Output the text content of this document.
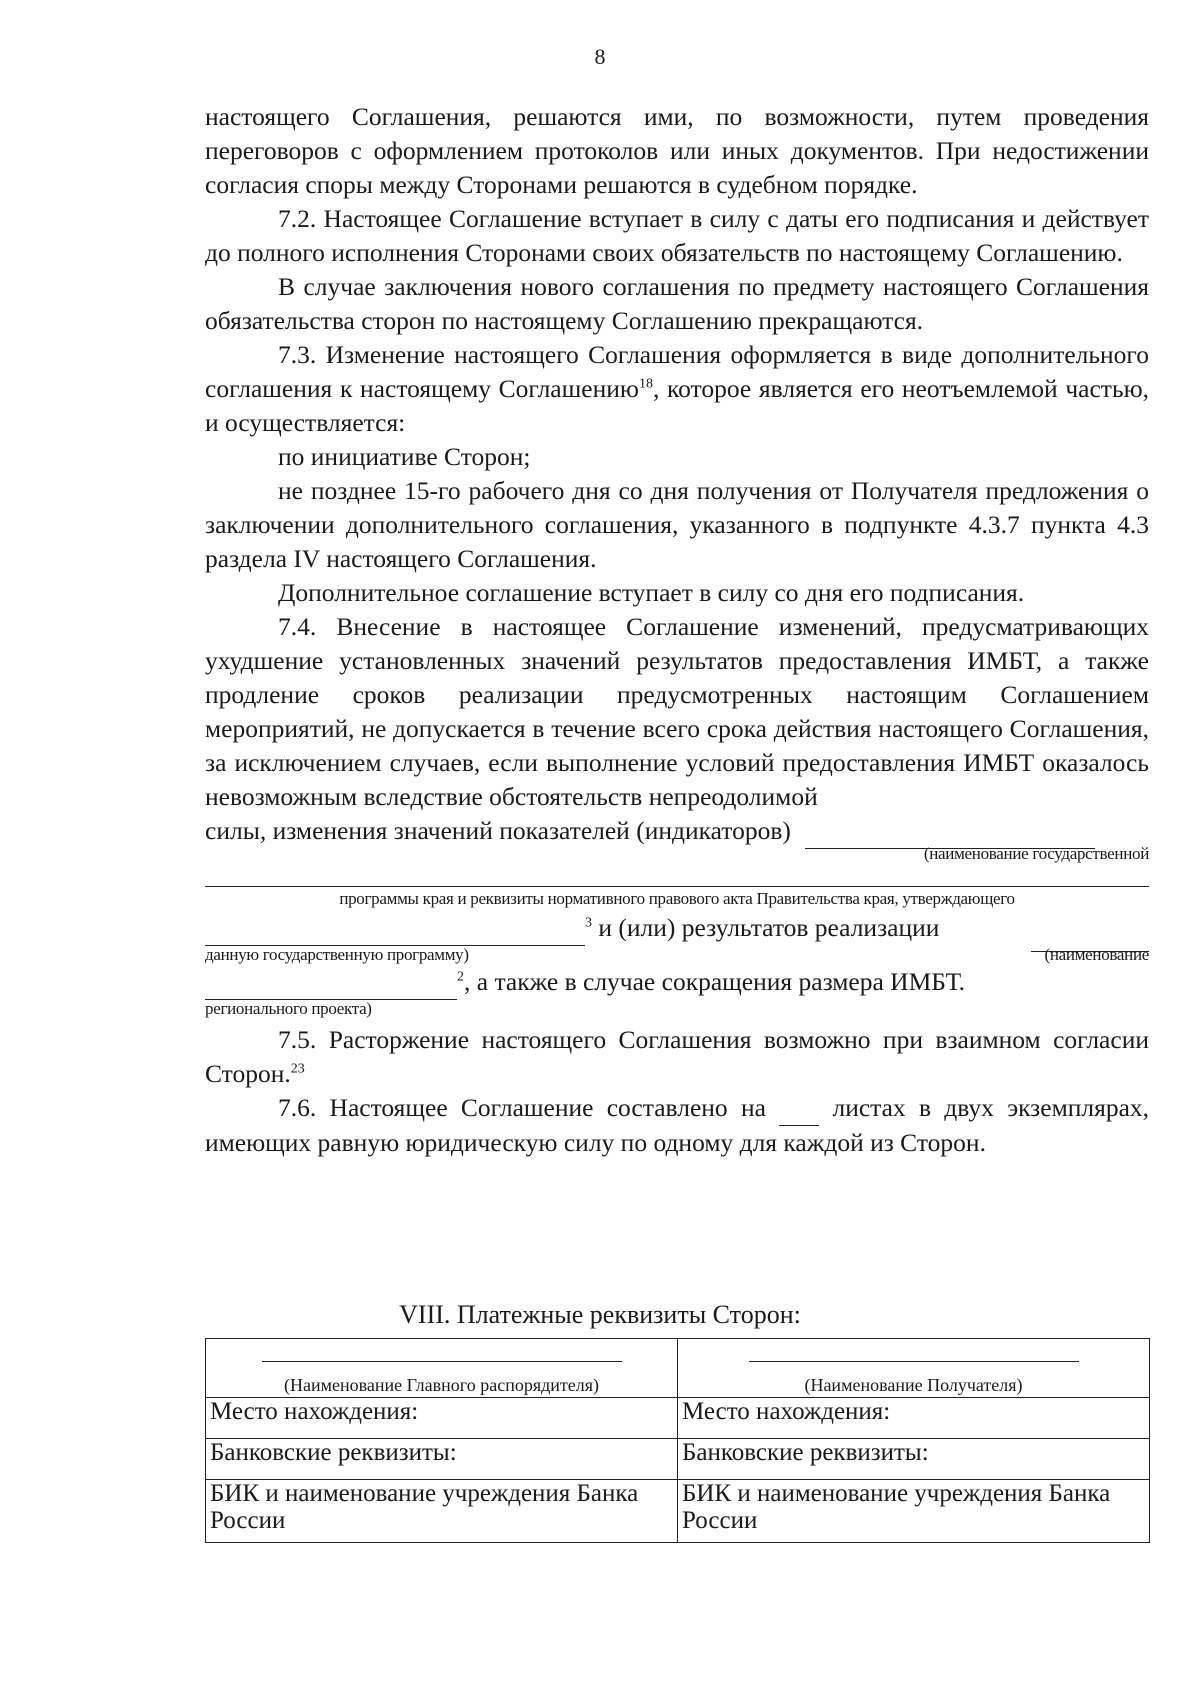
8

настоящего Соглашения, решаются ими, по возможности, путем проведения переговоров с оформлением протоколов или иных документов. При недостижении согласия споры между Сторонами решаются в судебном порядке.

7.2. Настоящее Соглашение вступает в силу с даты его подписания и действует до полного исполнения Сторонами своих обязательств по настоящему Соглашению.

В случае заключения нового соглашения по предмету настоящего Соглашения обязательства сторон по настоящему Соглашению прекращаются.

7.3. Изменение настоящего Соглашения оформляется в виде дополнительного соглашения к настоящему Соглашению$^{18}$, которое является его неотъемлемой частью, и осуществляется:

по инициативе Сторон;

не позднее 15-го рабочего дня со дня получения от Получателя предложения о заключении дополнительного соглашения, указанного в подпункте 4.3.7 пункта 4.3 раздела IV настоящего Соглашения.

Дополнительное соглашение вступает в силу со дня его подписания.

7.4. Внесение в настоящее Соглашение изменений, предусматривающих ухудшение установленных значений результатов предоставления ИМБТ, а также продление сроков реализации предусмотренных настоящим Соглашением мероприятий, не допускается в течение всего срока действия настоящего Соглашения, за исключением случаев, если выполнение условий предоставления ИМБТ оказалось невозможным вследствие обстоятельств непреодолимой

силы, изменения значений показателей (индикаторов)
(наименование государственной
программы края и реквизиты нормативного правового акта Правительства края, утверждающего
$^3$ и (или) результатов реализации

данную государственную программу)	(наименование
$^2$, а также в случае сокращения размера ИМБТ.
регионального проекта)

7.5. Расторжение настоящего Соглашения возможно при взаимном согласии Сторон.$^{23}$

7.6. Настоящее Соглашение составлено на	листах в двух экземплярах, имеющих равную юридическую силу по одному для каждой из Сторон.

VIII. Платежные реквизиты Сторон:
(Наименование Главного распорядителя)	(Наименование Получателя)

Место нахождения:	Место нахождения:
Банковские реквизиты:	Банковские реквизиты:
БИК и наименование учреждения Банка России	БИК и наименование учреждения Банка России
